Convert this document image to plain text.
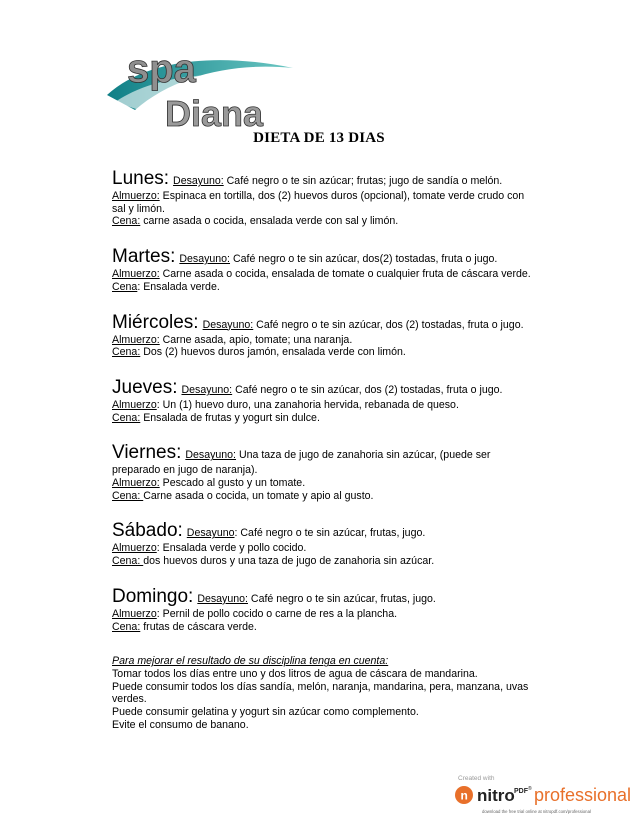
spa
Diana
DIETA DE 13 DIAS
Lunes: Desayuno: Café negro o te sin azúcar; frutas; jugo de sandía o melón.
Almuerzo: Espinaca en tortilla, dos (2) huevos duros (opcional), tomate verde crudo con sal y limón.
Cena: carne asada o cocida, ensalada verde con sal y limón.
Martes: Desayuno: Café negro o te sin azúcar, dos(2) tostadas, fruta o jugo.
Almuerzo: Carne asada o cocida, ensalada de tomate o cualquier fruta de cáscara verde.
Cena: Ensalada verde.
Miércoles: Desayuno: Café negro o te sin azúcar, dos (2) tostadas, fruta o jugo.
Almuerzo: Carne asada, apio, tomate; una naranja.
Cena: Dos (2) huevos duros jamón, ensalada verde con limón.
Jueves: Desayuno: Café negro o te sin azúcar, dos (2) tostadas, fruta o jugo.
Almuerzo: Un (1) huevo duro, una zanahoria hervida, rebanada de queso.
Cena: Ensalada de frutas y yogurt sin dulce.
Viernes: Desayuno: Una taza de jugo de zanahoria sin azúcar, (puede ser preparado en jugo de naranja).
Almuerzo: Pescado al gusto y un tomate.
Cena: Carne asada o cocida, un tomate y apio al gusto.
Sábado: Desayuno: Café negro o te sin azúcar, frutas, jugo.
Almuerzo: Ensalada verde y pollo cocido.
Cena: dos huevos duros y una taza de jugo de zanahoria sin azúcar.
Domingo: Desayuno: Café negro o te sin azúcar, frutas, jugo.
Almuerzo: Pernil de pollo cocido o carne de res a la plancha.
Cena: frutas de cáscara verde.
Para mejorar el resultado de su disciplina tenga en cuenta:
Tomar todos los días entre uno y dos litros de agua de cáscara de mandarina.
Puede consumir todos los días sandía, melón, naranja, mandarina, pera, manzana, uvas verdes.
Puede consumir gelatina y yogurt sin azúcar como complemento.
Evite el consumo de banano.
Created with
n nitro PDF ® professional
download the free trial online at nitropdf.com/professional
